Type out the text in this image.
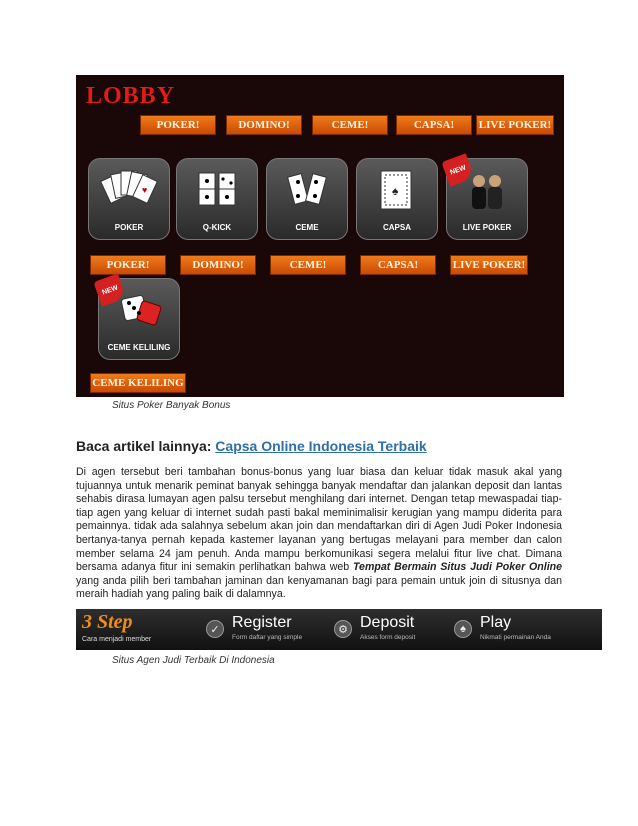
LOBBY
POKER!	DOMINO!	CEME!	CAPSA!	LIVE POKER!
♥
POKER	Q-KICK	CEME
♠
CAPSA
NEW
LIVE POKER
POKER!	DOMINO!	CEME!	CAPSA!	LIVE POKER!
NEW
CEME KELILING
CEME KELILING
Situs Poker Banyak Bonus
Baca artikel lainnya: Capsa Online Indonesia Terbaik
Di agen tersebut beri tambahan bonus-bonus yang luar biasa dan keluar tidak masuk akal yang tujuannya untuk menarik peminat banyak sehingga banyak mendaftar dan jalankan deposit dan lantas sehabis dirasa lumayan agen palsu tersebut menghilang dari internet. Dengan tetap mewaspadai tiap-tiap agen yang keluar di internet sudah pasti bakal meminimalisir kerugian yang mampu diderita para pemainnya. tidak ada salahnya sebelum akan join dan mendaftarkan diri di Agen Judi Poker Indonesia bertanya-tanya pernah kepada kastemer layanan yang bertugas melayani para member dan calon member selama 24 jam penuh. Anda mampu berkomunikasi segera melalui fitur live chat. Dimana bersama adanya fitur ini semakin perlihatkan bahwa web Tempat Bermain Situs Judi Poker Online yang anda pilih beri tambahan jaminan dan kenyamanan bagi para pemain untuk join di situsnya dan meraih hadiah yang paling baik di dalamnya.
3 Step
Cara menjadi member
✓ Register
Form daftar yang simple
⚙ Deposit
Akses form deposit
♠ Play
Nikmati permainan Anda
Situs Agen Judi Terbaik Di Indonesia
